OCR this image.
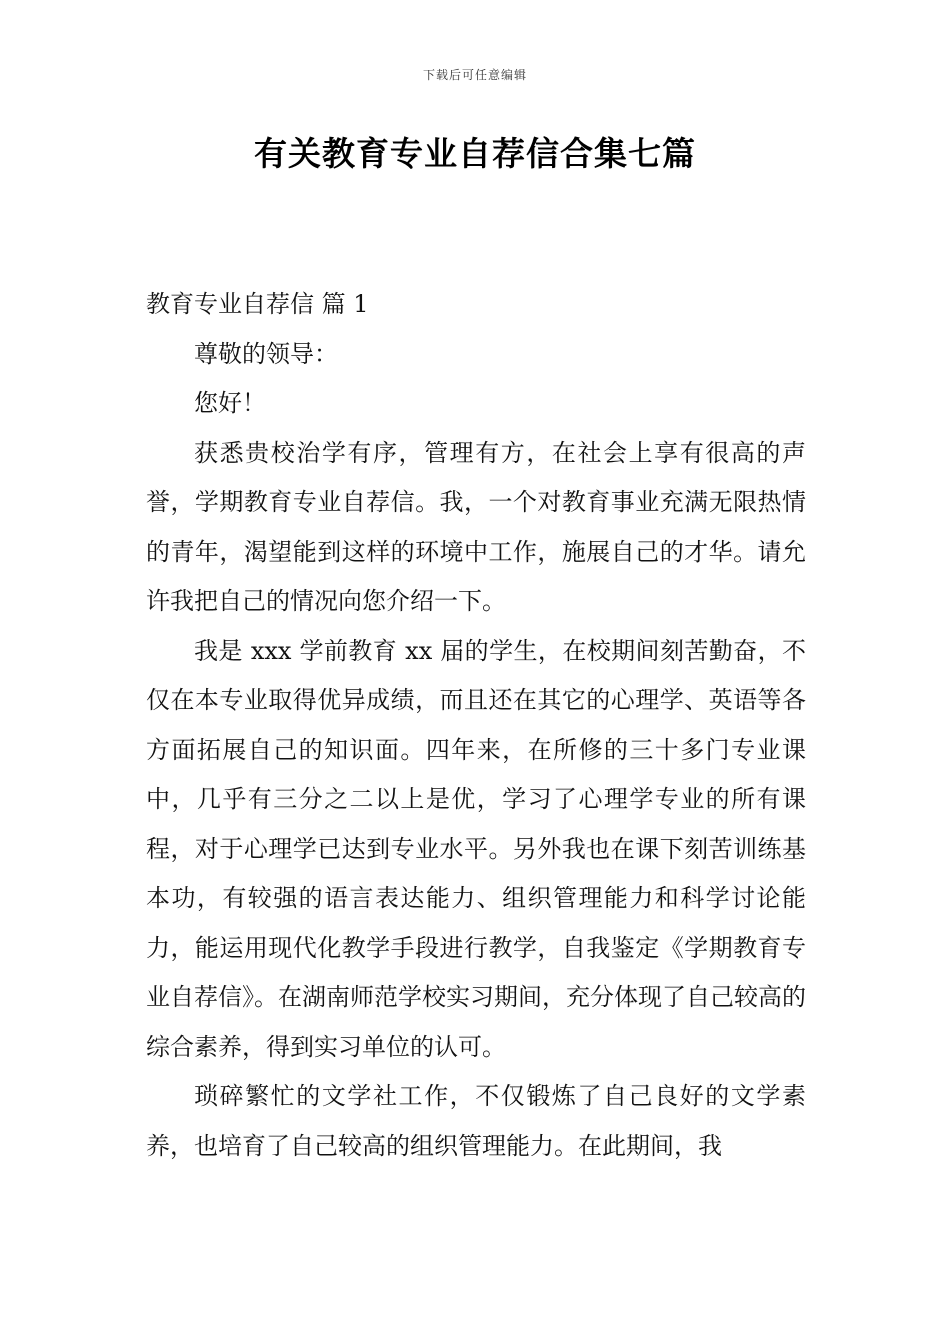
下载后可任意编辑
有关教育专业自荐信合集七篇

教育专业自荐信 篇 1

尊敬的领导：

您好！

获悉贵校治学有序，管理有方，在社会上享有很高的声誉，学期教育专业自荐信。我，一个对教育事业充满无限热情的青年，渴望能到这样的环境中工作，施展自己的才华。请允许我把自己的情况向您介绍一下。

我是 xxx 学前教育 xx 届的学生，在校期间刻苦勤奋，不仅在本专业取得优异成绩，而且还在其它的心理学、英语等各方面拓展自己的知识面。四年来，在所修的三十多门专业课中，几乎有三分之二以上是优，学习了心理学专业的所有课程，对于心理学已达到专业水平。另外我也在课下刻苦训练基本功，有较强的语言表达能力、组织管理能力和科学讨论能力，能运用现代化教学手段进行教学，自我鉴定《学期教育专业自荐信》。在湖南师范学校实习期间，充分体现了自己较高的综合素养，得到实习单位的认可。

琐碎繁忙的文学社工作，不仅锻炼了自己良好的文学素养，也培育了自己较高的组织管理能力。在此期间，我
